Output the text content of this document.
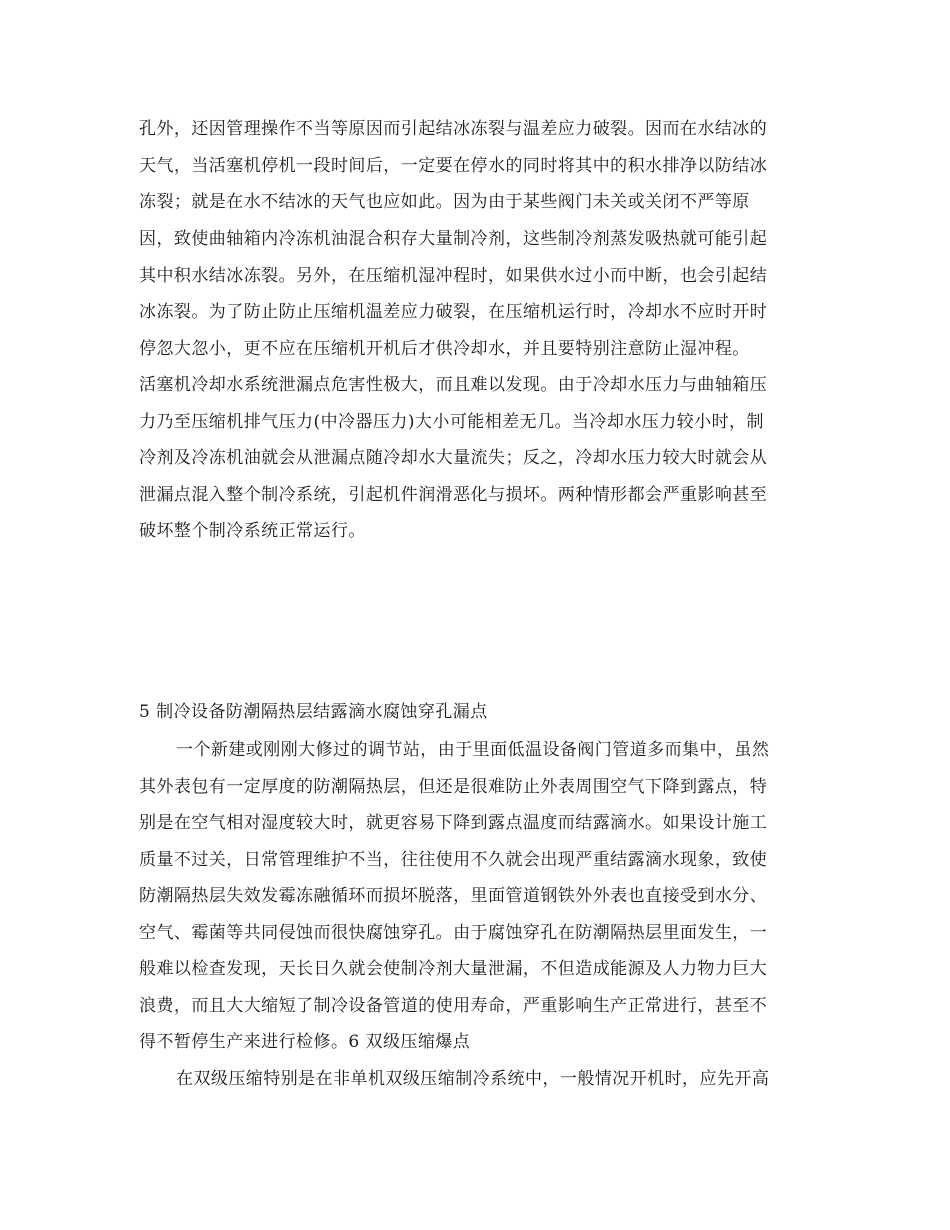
孔外，还因管理操作不当等原因而引起结冰冻裂与温差应力破裂。因而在水结冰的
天气，当活塞机停机一段时间后，一定要在停水的同时将其中的积水排净以防结冰
冻裂；就是在水不结冰的天气也应如此。因为由于某些阀门未关或关闭不严等原
因，致使曲轴箱内冷冻机油混合积存大量制冷剂，这些制冷剂蒸发吸热就可能引起
其中积水结冰冻裂。另外，在压缩机湿冲程时，如果供水过小而中断，也会引起结
冰冻裂。为了防止防止压缩机温差应力破裂，在压缩机运行时，冷却水不应时开时
停忽大忽小，更不应在压缩机开机后才供冷却水，并且要特别注意防止湿冲程。
活塞机冷却水系统泄漏点危害性极大，而且难以发现。由于冷却水压力与曲轴箱压
力乃至压缩机排气压力(中冷器压力)大小可能相差无几。当冷却水压力较小时，制
冷剂及冷冻机油就会从泄漏点随冷却水大量流失；反之，冷却水压力较大时就会从
泄漏点混入整个制冷系统，引起机件润滑恶化与损坏。两种情形都会严重影响甚至
破坏整个制冷系统正常运行。
5 制冷设备防潮隔热层结露滴水腐蚀穿孔漏点
一个新建或刚刚大修过的调节站，由于里面低温设备阀门管道多而集中，虽然
其外表包有一定厚度的防潮隔热层，但还是很难防止外表周围空气下降到露点，特
别是在空气相对湿度较大时，就更容易下降到露点温度而结露滴水。如果设计施工
质量不过关，日常管理维护不当，往往使用不久就会出现严重结露滴水现象，致使
防潮隔热层失效发霉冻融循环而损坏脱落，里面管道钢铁外外表也直接受到水分、
空气、霉菌等共同侵蚀而很快腐蚀穿孔。由于腐蚀穿孔在防潮隔热层里面发生，一
般难以检查发现，天长日久就会使制冷剂大量泄漏，不但造成能源及人力物力巨大
浪费，而且大大缩短了制冷设备管道的使用寿命，严重影响生产正常进行，甚至不
得不暂停生产来进行检修。6 双级压缩爆点
在双级压缩特别是在非单机双级压缩制冷系统中，一般情况开机时，应先开高
